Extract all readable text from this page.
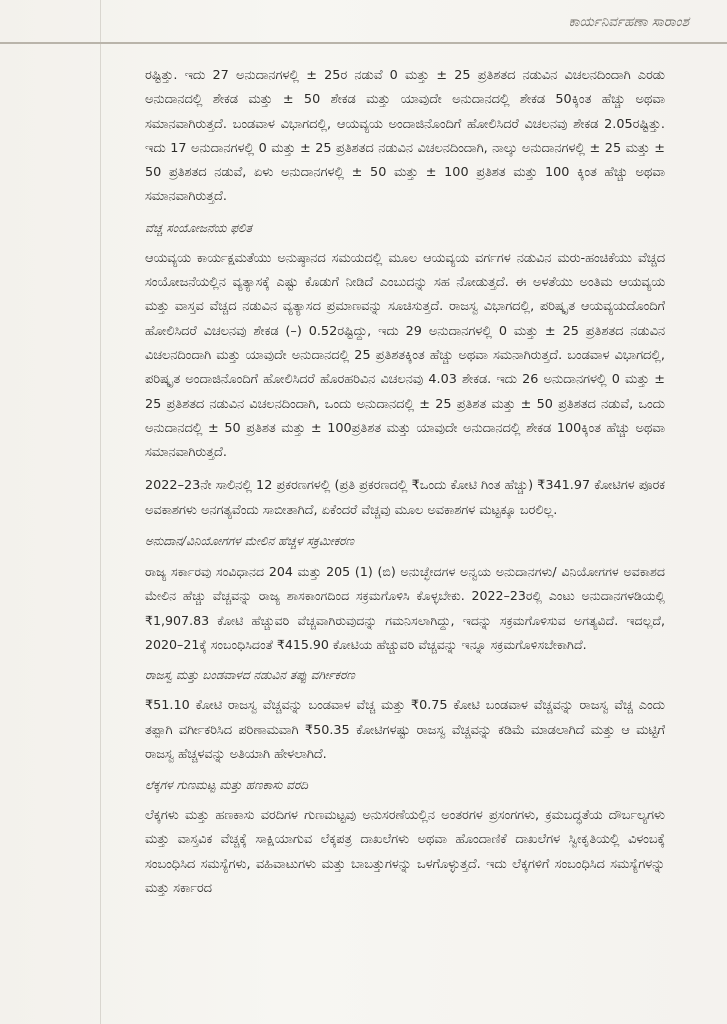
ಕಾರ್ಯನಿರ್ವಹಣಾ ಸಾರಾಂಶ

ರಷ್ಟಿತ್ತು. ಇದು 27 ಅನುದಾನಗಳಲ್ಲಿ ± 25ರ ನಡುವೆ 0 ಮತ್ತು ± 25 ಪ್ರತಿಶತದ ನಡುವಿನ ವಿಚಲನದಿಂದಾಗಿ ಎರಡು ಅನುದಾನದಲ್ಲಿ ಶೇಕಡ ಮತ್ತು ± 50 ಶೇಕಡ ಮತ್ತು ಯಾವುದೇ ಅನುದಾನದಲ್ಲಿ ಶೇಕಡ 50ಕ್ಕಿಂತ ಹೆಚ್ಚು ಅಥವಾ ಸಮಾನವಾಗಿರುತ್ತದೆ. ಬಂಡವಾಳ ವಿಭಾಗದಲ್ಲಿ, ಆಯವ್ಯಯ ಅಂದಾಜಿನೊಂದಿಗೆ ಹೋಲಿಸಿದರೆ ವಿಚಲನವು ಶೇಕಡ 2.05ರಷ್ಟಿತ್ತು. ಇದು 17 ಅನುದಾನಗಳಲ್ಲಿ 0 ಮತ್ತು ± 25 ಪ್ರತಿಶತದ ನಡುವಿನ ವಿಚಲನದಿಂದಾಗಿ, ನಾಲ್ಕು ಅನುದಾನಗಳಲ್ಲಿ ± 25 ಮತ್ತು ± 50 ಪ್ರತಿಶತದ ನಡುವೆ, ಏಳು ಅನುದಾನಗಳಲ್ಲಿ ± 50 ಮತ್ತು ± 100 ಪ್ರತಿಶತ ಮತ್ತು 100 ಕ್ಕಿಂತ ಹೆಚ್ಚು ಅಥವಾ ಸಮಾನವಾಗಿರುತ್ತದೆ.

ವೆಚ್ಚ ಸಂಯೋಜನೆಯ ಫಲಿತ

ಆಯವ್ಯಯ ಕಾರ್ಯಕ್ಷಮತೆಯು ಅನುಷ್ಠಾನದ ಸಮಯದಲ್ಲಿ ಮೂಲ ಆಯವ್ಯಯ ವರ್ಗಗಳ ನಡುವಿನ ಮರು-ಹಂಚಿಕೆಯು ವೆಚ್ಚದ ಸಂಯೋಜನೆಯಲ್ಲಿನ ವ್ಯತ್ಯಾಸಕ್ಕೆ ಎಷ್ಟು ಕೊಡುಗೆ ನೀಡಿದೆ ಎಂಬುದನ್ನು ಸಹ ನೋಡುತ್ತದೆ. ಈ ಅಳತೆಯು ಅಂತಿಮ ಆಯವ್ಯಯ ಮತ್ತು ವಾಸ್ತವ ವೆಚ್ಚದ ನಡುವಿನ ವ್ಯತ್ಯಾಸದ ಪ್ರಮಾಣವನ್ನು ಸೂಚಿಸುತ್ತದೆ. ರಾಜಸ್ವ ವಿಭಾಗದಲ್ಲಿ, ಪರಿಷ್ಕೃತ ಆಯವ್ಯಯದೊಂದಿಗೆ ಹೋಲಿಸಿದರೆ ವಿಚಲನವು ಶೇಕಡ (–) 0.52ರಷ್ಟಿದ್ದು, ಇದು 29 ಅನುದಾನಗಳಲ್ಲಿ 0 ಮತ್ತು ± 25 ಪ್ರತಿಶತದ ನಡುವಿನ ವಿಚಲನದಿಂದಾಗಿ ಮತ್ತು ಯಾವುದೇ ಅನುದಾನದಲ್ಲಿ 25 ಪ್ರತಿಶತಕ್ಕಿಂತ ಹೆಚ್ಚು ಅಥವಾ ಸಮನಾಗಿರುತ್ತದೆ. ಬಂಡವಾಳ ವಿಭಾಗದಲ್ಲಿ, ಪರಿಷ್ಕೃತ ಅಂದಾಜಿನೊಂದಿಗೆ ಹೋಲಿಸಿದರೆ ಹೊರಹರಿವಿನ ವಿಚಲನವು 4.03 ಶೇಕಡ. ಇದು 26 ಅನುದಾನಗಳಲ್ಲಿ 0 ಮತ್ತು ± 25 ಪ್ರತಿಶತದ ನಡುವಿನ ವಿಚಲನದಿಂದಾಗಿ, ಒಂದು ಅನುದಾನದಲ್ಲಿ ± 25 ಪ್ರತಿಶತ ಮತ್ತು ± 50 ಪ್ರತಿಶತದ ನಡುವೆ, ಒಂದು ಅನುದಾನದಲ್ಲಿ ± 50 ಪ್ರತಿಶತ ಮತ್ತು ± 100ಪ್ರತಿಶತ ಮತ್ತು ಯಾವುದೇ ಅನುದಾನದಲ್ಲಿ ಶೇಕಡ 100ಕ್ಕಿಂತ ಹೆಚ್ಚು ಅಥವಾ ಸಮಾನವಾಗಿರುತ್ತದೆ.

2022–23ನೇ ಸಾಲಿನಲ್ಲಿ 12 ಪ್ರಕರಣಗಳಲ್ಲಿ (ಪ್ರತಿ ಪ್ರಕರಣದಲ್ಲಿ ₹ಒಂದು ಕೋಟಿ ಗಿಂತ ಹೆಚ್ಚು) ₹341.97 ಕೋಟಿಗಳ ಪೂರಕ ಅವಕಾಶಗಳು ಅನಗತ್ಯವೆಂದು ಸಾಬೀತಾಗಿದೆ, ಏಕೆಂದರೆ ವೆಚ್ಚವು ಮೂಲ ಅವಕಾಶಗಳ ಮಟ್ಟಕ್ಕೂ ಬರಲಿಲ್ಲ.

ಅನುದಾನ/ವಿನಿಯೋಗಗಳ ಮೇಲಿನ ಹೆಚ್ಚಳ ಸಕ್ರಮೀಕರಣ

ರಾಜ್ಯ ಸರ್ಕಾರವು ಸಂವಿಧಾನದ 204 ಮತ್ತು 205 (1) (ಬಿ) ಅನುಚ್ಛೇದಗಳ ಅನ್ವಯ ಅನುದಾನಗಳು/ ವಿನಿಯೋಗಗಳ ಅವಕಾಶದ ಮೇಲಿನ ಹೆಚ್ಚು ವೆಚ್ಚವನ್ನು ರಾಜ್ಯ ಶಾಸಕಾಂಗದಿಂದ ಸಕ್ರಮಗೊಳಿಸಿ ಕೊಳ್ಳಬೇಕು. 2022–23ರಲ್ಲಿ ಎಂಟು ಅನುದಾನಗಳಡಿಯಲ್ಲಿ ₹1,907.83 ಕೋಟಿ ಹೆಚ್ಚುವರಿ ವೆಚ್ಚವಾಗಿರುವುದನ್ನು ಗಮನಿಸಲಾಗಿದ್ದು, ಇದನ್ನು ಸಕ್ರಮಗೊಳಿಸುವ ಅಗತ್ಯವಿದೆ. ಇದಲ್ಲದೆ, 2020–21ಕ್ಕೆ ಸಂಬಂಧಿಸಿದಂತೆ ₹415.90 ಕೋಟಿಯ ಹೆಚ್ಚುವರಿ ವೆಚ್ಚವನ್ನು ಇನ್ನೂ ಸಕ್ರಮಗೊಳಿಸಬೇಕಾಗಿದೆ.

ರಾಜಸ್ವ ಮತ್ತು ಬಂಡವಾಳದ ನಡುವಿನ ತಪ್ಪು ವರ್ಗೀಕರಣ

₹51.10 ಕೋಟಿ ರಾಜಸ್ವ ವೆಚ್ಚವನ್ನು ಬಂಡವಾಳ ವೆಚ್ಚ ಮತ್ತು ₹0.75 ಕೋಟಿ ಬಂಡವಾಳ ವೆಚ್ಚವನ್ನು ರಾಜಸ್ವ ವೆಚ್ಚ ಎಂದು ತಪ್ಪಾಗಿ ವರ್ಗೀಕರಿಸಿದ ಪರಿಣಾಮವಾಗಿ ₹50.35 ಕೋಟಿಗಳಷ್ಟು ರಾಜಸ್ವ ವೆಚ್ಚವನ್ನು ಕಡಿಮೆ ಮಾಡಲಾಗಿದೆ ಮತ್ತು ಆ ಮಟ್ಟಿಗೆ ರಾಜಸ್ವ ಹೆಚ್ಚಳವನ್ನು ಅತಿಯಾಗಿ ಹೇಳಲಾಗಿದೆ.

ಲೆಕ್ಕಗಳ ಗುಣಮಟ್ಟ ಮತ್ತು ಹಣಕಾಸು ವರದಿ

ಲೆಕ್ಕಗಳು ಮತ್ತು ಹಣಕಾಸು ವರದಿಗಳ ಗುಣಮಟ್ಟವು ಅನುಸರಣೆಯಲ್ಲಿನ ಅಂತರಗಳ ಪ್ರಸಂಗಗಳು, ಕ್ರಮಬದ್ಧತೆಯ ದೌರ್ಬಲ್ಯಗಳು ಮತ್ತು ವಾಸ್ತವಿಕ ವೆಚ್ಚಕ್ಕೆ ಸಾಕ್ಷಿಯಾಗುವ ಲೆಕ್ಕಪತ್ರ ದಾಖಲೆಗಳು ಅಥವಾ ಹೊಂದಾಣಿಕೆ ದಾಖಲೆಗಳ ಸ್ವೀಕೃತಿಯಲ್ಲಿ ವಿಳಂಬಕ್ಕೆ ಸಂಬಂಧಿಸಿದ ಸಮಸ್ಯೆಗಳು, ವಹಿವಾಟುಗಳು ಮತ್ತು ಬಾಬತ್ತುಗಳನ್ನು ಒಳಗೊಳ್ಳುತ್ತದೆ. ಇದು ಲೆಕ್ಕಗಳಿಗೆ ಸಂಬಂಧಿಸಿದ ಸಮಸ್ಯೆಗಳನ್ನು ಮತ್ತು ಸರ್ಕಾರದ
